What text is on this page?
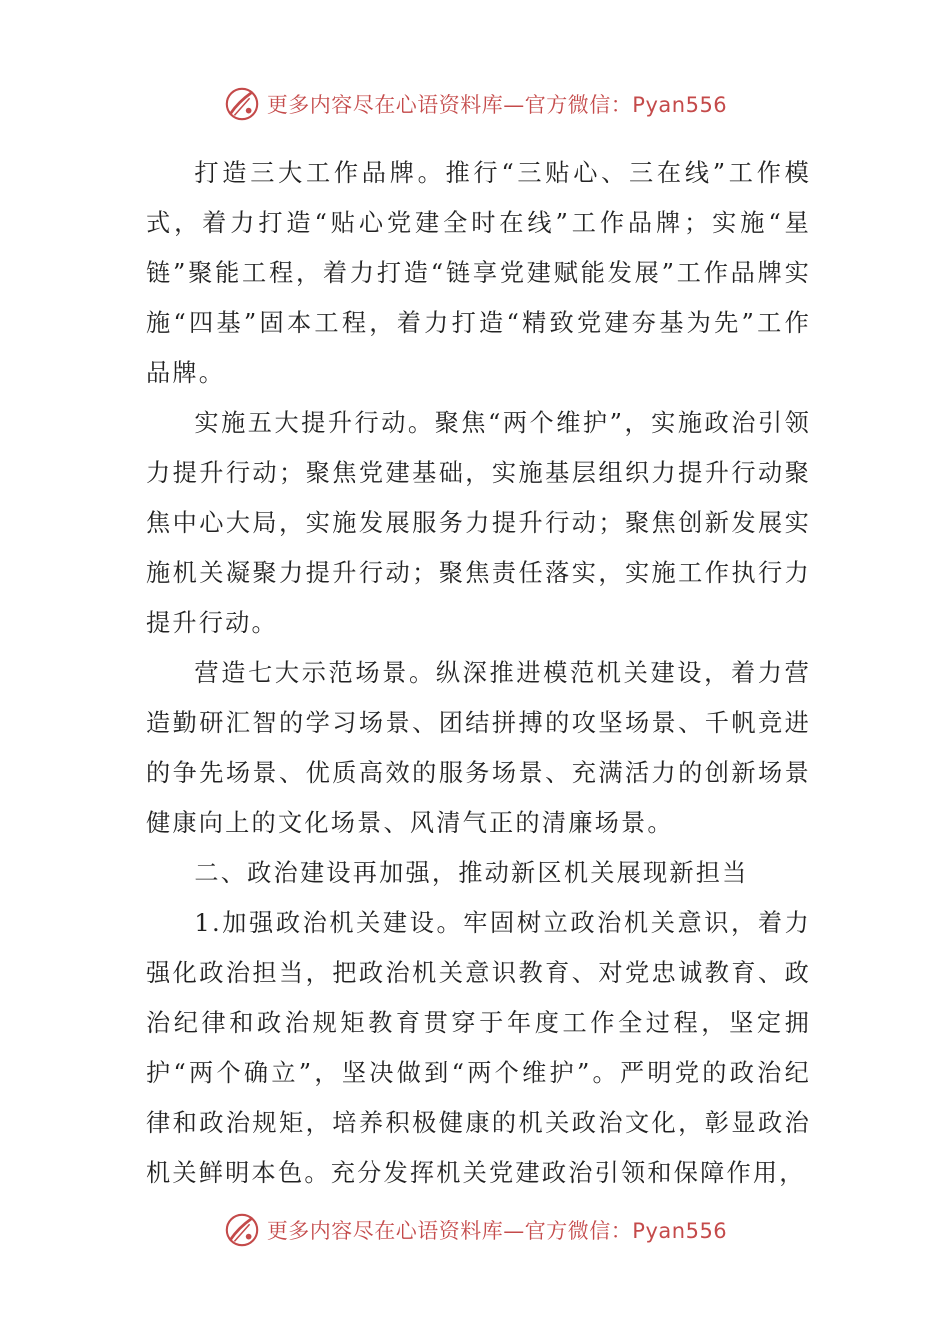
更多内容尽在心语资料库—官方微信：Pyan556

打造三大工作品牌。推行“三贴心、三在线”工作模式，着力打造“贴心党建全时在线”工作品牌；实施“星链”聚能工程，着力打造“链享党建赋能发展”工作品牌实施“四基”固本工程，着力打造“精致党建夯基为先”工作品牌。

实施五大提升行动。聚焦“两个维护”，实施政治引领力提升行动；聚焦党建基础，实施基层组织力提升行动聚焦中心大局，实施发展服务力提升行动；聚焦创新发展实施机关凝聚力提升行动；聚焦责任落实，实施工作执行力提升行动。

营造七大示范场景。纵深推进模范机关建设，着力营造勤研汇智的学习场景、团结拼搏的攻坚场景、千帆竞进的争先场景、优质高效的服务场景、充满活力的创新场景健康向上的文化场景、风清气正的清廉场景。

二、政治建设再加强，推动新区机关展现新担当

1.加强政治机关建设。牢固树立政治机关意识，着力强化政治担当，把政治机关意识教育、对党忠诚教育、政治纪律和政治规矩教育贯穿于年度工作全过程，坚定拥护“两个确立”，坚决做到“两个维护”。严明党的政治纪律和政治规矩，培养积极健康的机关政治文化，彰显政治机关鲜明本色。充分发挥机关党建政治引领和保障作用，

更多内容尽在心语资料库—官方微信：Pyan556
